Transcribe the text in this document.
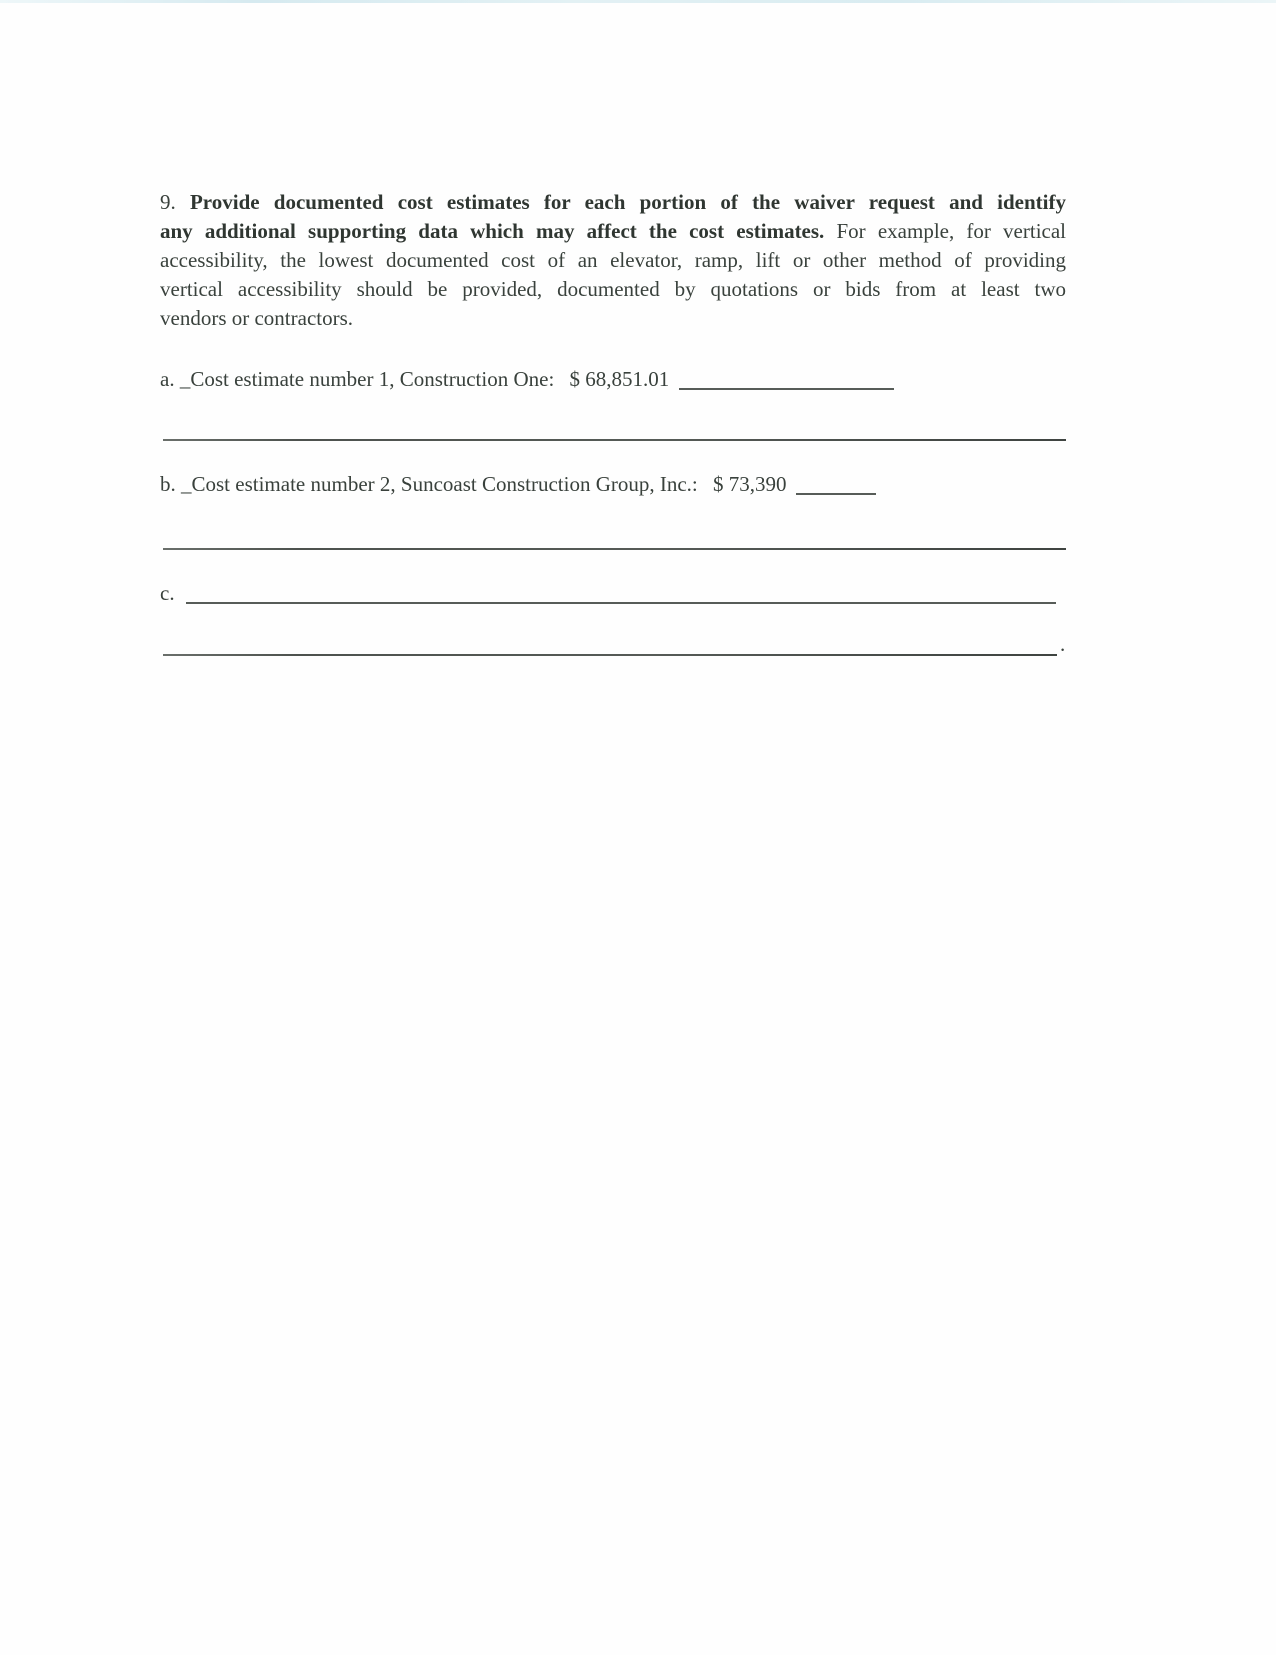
9. Provide documented cost estimates for each portion of the waiver request and identify
any additional supporting data which may affect the cost estimates. For example, for vertical
accessibility, the lowest documented cost of an elevator, ramp, lift or other method of providing
vertical accessibility should be provided, documented by quotations or bids from at least two
vendors or contractors.
a. _Cost estimate number 1, Construction One: $ 68,851.01
b. _Cost estimate number 2, Suncoast Construction Group, Inc.: $ 73,390
c.
.
